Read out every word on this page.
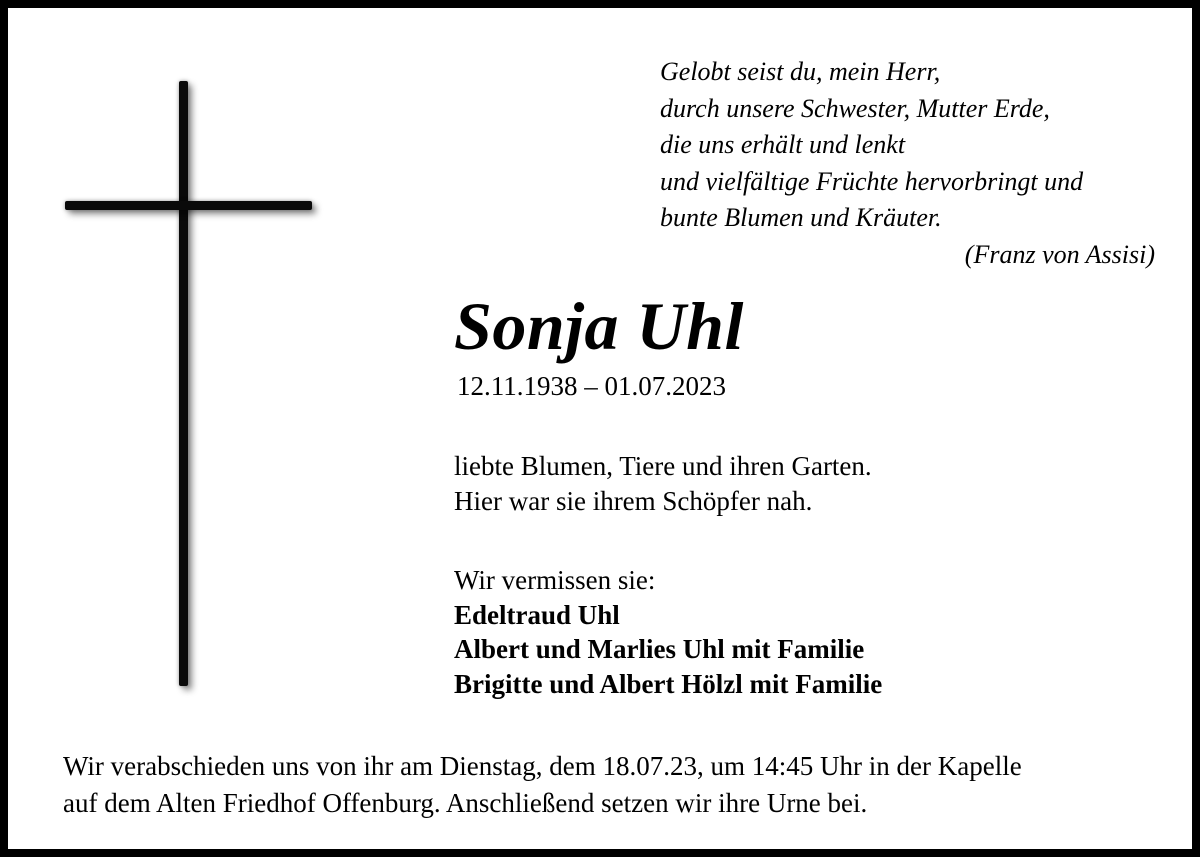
Gelobt seist du, mein Herr,
durch unsere Schwester, Mutter Erde,
die uns erhält und lenkt
und vielfältige Früchte hervorbringt und
bunte Blumen und Kräuter.
(Franz von Assisi)
Sonja Uhl
12.11.1938 – 01.07.2023
liebte Blumen, Tiere und ihren Garten.
Hier war sie ihrem Schöpfer nah.
Wir vermissen sie:
Edeltraud Uhl
Albert und Marlies Uhl mit Familie
Brigitte und Albert Hölzl mit Familie
Wir verabschieden uns von ihr am Dienstag, dem 18.07.23, um 14:45 Uhr in der Kapelle
auf dem Alten Friedhof Offenburg. Anschließend setzen wir ihre Urne bei.
